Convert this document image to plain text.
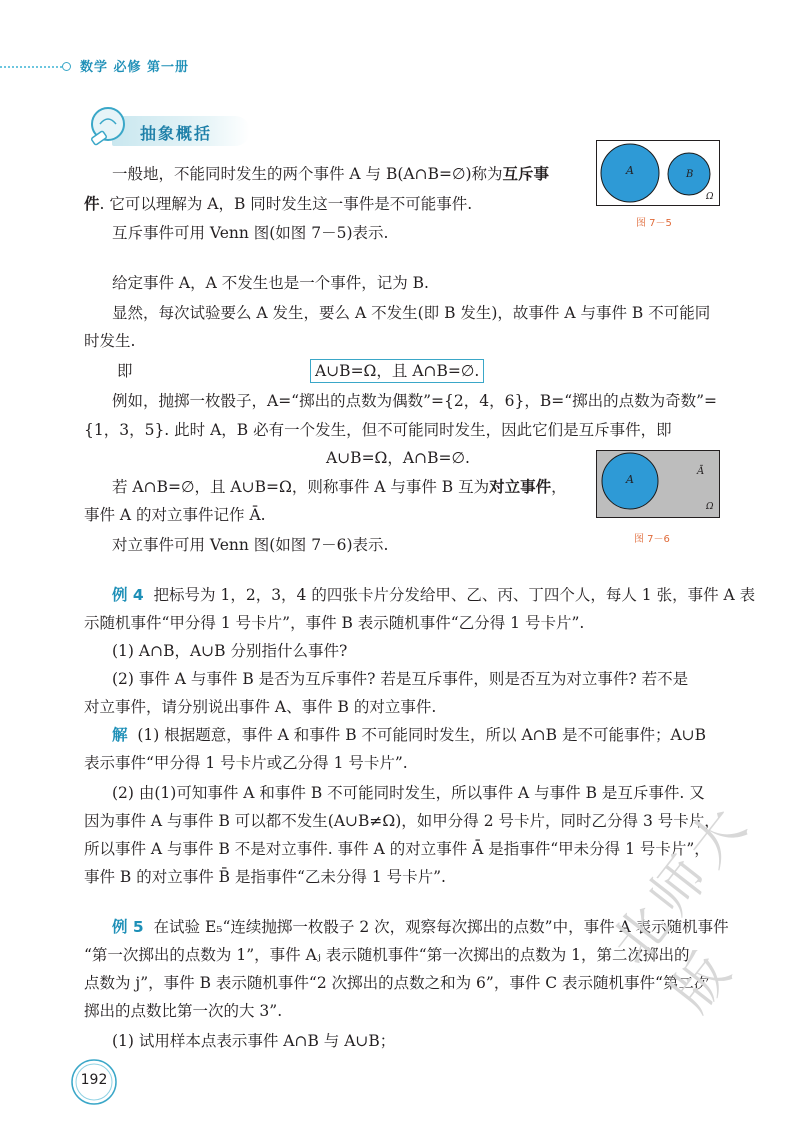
数学 必修 第一册
抽象概括
A	B
Ω
图 7－5
A
Ā
Ω
图 7－6
一般地，不能同时发生的两个事件 A 与 B(A∩B=∅)称为互斥事
件. 它可以理解为 A，B 同时发生这一事件是不可能事件.
互斥事件可用 Venn 图(如图 7－5)表示.
给定事件 A，A 不发生也是一个事件，记为 B.
显然，每次试验要么 A 发生，要么 A 不发生(即 B 发生)，故事件 A 与事件 B 不可能同
时发生.
即	A∪B=Ω，且 A∩B=∅.
例如，抛掷一枚骰子，A=“掷出的点数为偶数”={2，4，6}，B=“掷出的点数为奇数”=
{1，3，5}. 此时 A，B 必有一个发生，但不可能同时发生，因此它们是互斥事件，即
A∪B=Ω，A∩B=∅.
若 A∩B=∅，且 A∪B=Ω，则称事件 A 与事件 B 互为对立事件，
事件 A 的对立事件记作 Ā.
对立事件可用 Venn 图(如图 7－6)表示.
例 4 把标号为 1，2，3，4 的四张卡片分发给甲、乙、丙、丁四个人，每人 1 张，事件 A 表
示随机事件“甲分得 1 号卡片”，事件 B 表示随机事件“乙分得 1 号卡片”.
(1) A∩B，A∪B 分别指什么事件?
(2) 事件 A 与事件 B 是否为互斥事件? 若是互斥事件，则是否互为对立事件? 若不是
对立事件，请分别说出事件 A、事件 B 的对立事件.
解 (1) 根据题意，事件 A 和事件 B 不可能同时发生，所以 A∩B 是不可能事件；A∪B
表示事件“甲分得 1 号卡片或乙分得 1 号卡片”.
(2) 由(1)可知事件 A 和事件 B 不可能同时发生，所以事件 A 与事件 B 是互斥事件. 又
因为事件 A 与事件 B 可以都不发生(A∪B≠Ω)，如甲分得 2 号卡片，同时乙分得 3 号卡片，
所以事件 A 与事件 B 不是对立事件. 事件 A 的对立事件 Ā 是指事件“甲未分得 1 号卡片”，
事件 B 的对立事件 B̄ 是指事件“乙未分得 1 号卡片”.
例 5 在试验 E₅“连续抛掷一枚骰子 2 次，观察每次掷出的点数”中，事件 A 表示随机事件
“第一次掷出的点数为 1”，事件 Aⱼ 表示随机事件“第一次掷出的点数为 1，第二次掷出的
点数为 j”，事件 B 表示随机事件“2 次掷出的点数之和为 6”，事件 C 表示随机事件“第二次
掷出的点数比第一次的大 3”.
(1) 试用样本点表示事件 A∩B 与 A∪B；
192
北师大版
